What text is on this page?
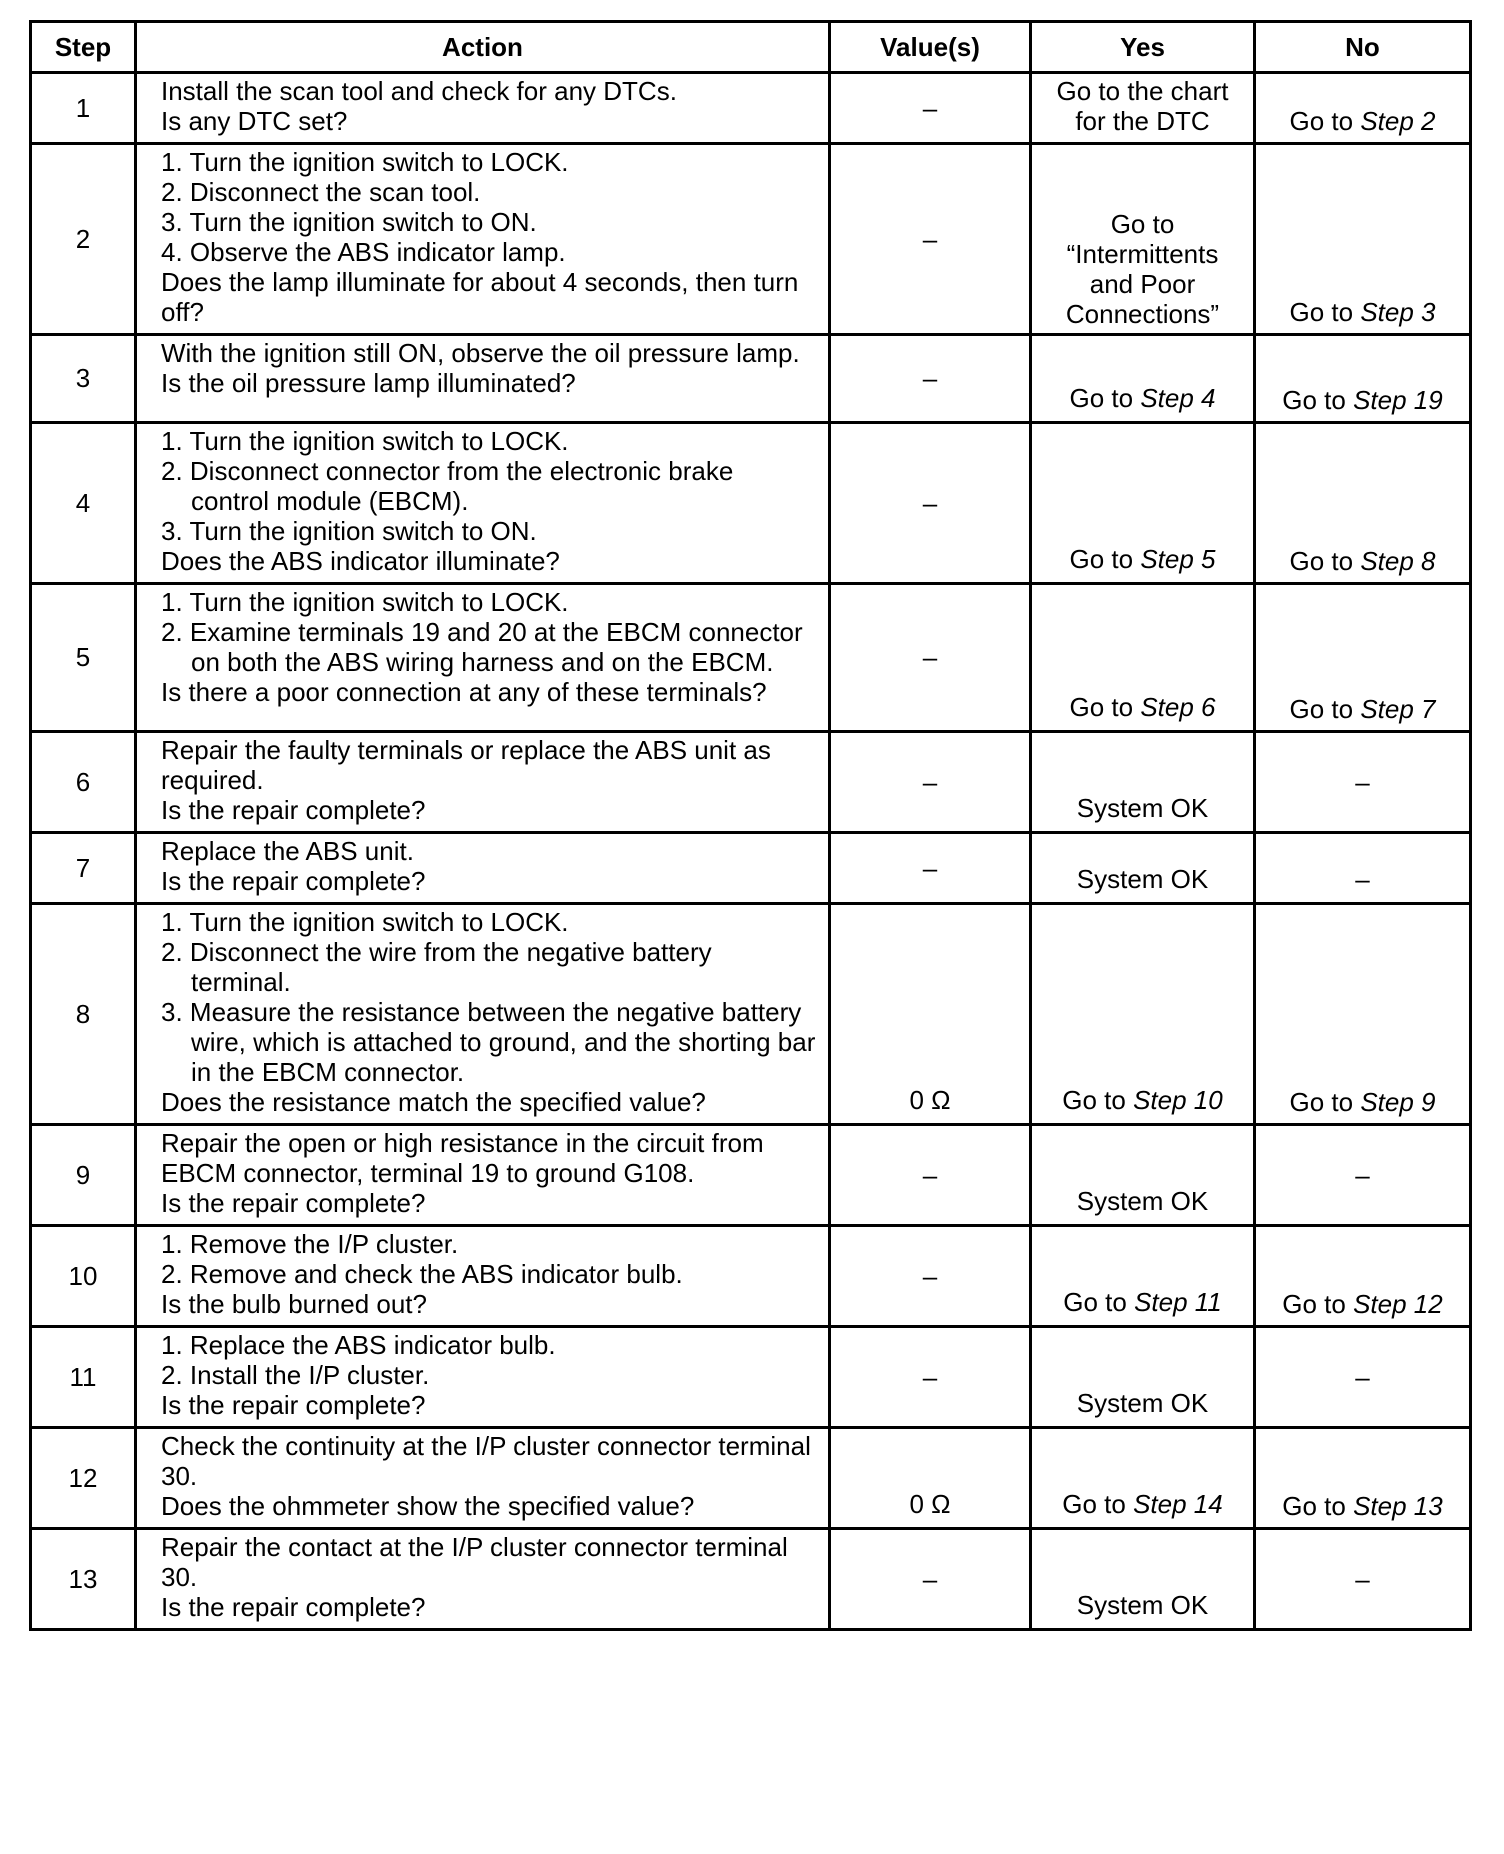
Step	Action	Value(s)	Yes	No
1	Install the scan tool and check for any DTCs.
Is any DTC set?	–	Go to the chart for the DTC	Go to Step 2

2	1. Turn the ignition switch to LOCK.
2. Disconnect the scan tool.
3. Turn the ignition switch to ON.
4. Observe the ABS indicator lamp.
Does the lamp illuminate for about 4 seconds, then turn off?	–	Go to “Intermittents and Poor Connections”	Go to Step 3

3	With the ignition still ON, observe the oil pressure lamp.
Is the oil pressure lamp illuminated?	–	Go to Step 4	Go to Step 19

4	1. Turn the ignition switch to LOCK.
2. Disconnect connector from the electronic brake control module (EBCM).
3. Turn the ignition switch to ON.
Does the ABS indicator illuminate?	–	Go to Step 5	Go to Step 8

5	1. Turn the ignition switch to LOCK.
2. Examine terminals 19 and 20 at the EBCM connector on both the ABS wiring harness and on the EBCM.
Is there a poor connection at any of these terminals?	–	Go to Step 6	Go to Step 7

6	Repair the faulty terminals or replace the ABS unit as required.
Is the repair complete?	–	System OK	–

7	Replace the ABS unit.
Is the repair complete?	–	System OK	–

8	1. Turn the ignition switch to LOCK.
2. Disconnect the wire from the negative battery terminal.
3. Measure the resistance between the negative battery wire, which is attached to ground, and the shorting bar in the EBCM connector.
Does the resistance match the specified value?	0 Ω	Go to Step 10	Go to Step 9

9	Repair the open or high resistance in the circuit from EBCM connector, terminal 19 to ground G108.
Is the repair complete?	–	System OK	–

10	1. Remove the I/P cluster.
2. Remove and check the ABS indicator bulb.
Is the bulb burned out?	–	Go to Step 11	Go to Step 12

11	1. Replace the ABS indicator bulb.
2. Install the I/P cluster.
Is the repair complete?	–	System OK	–

12	Check the continuity at the I/P cluster connector terminal 30.
Does the ohmmeter show the specified value?	0 Ω	Go to Step 14	Go to Step 13

13	Repair the contact at the I/P cluster connector terminal 30.
Is the repair complete?	–	System OK	–
